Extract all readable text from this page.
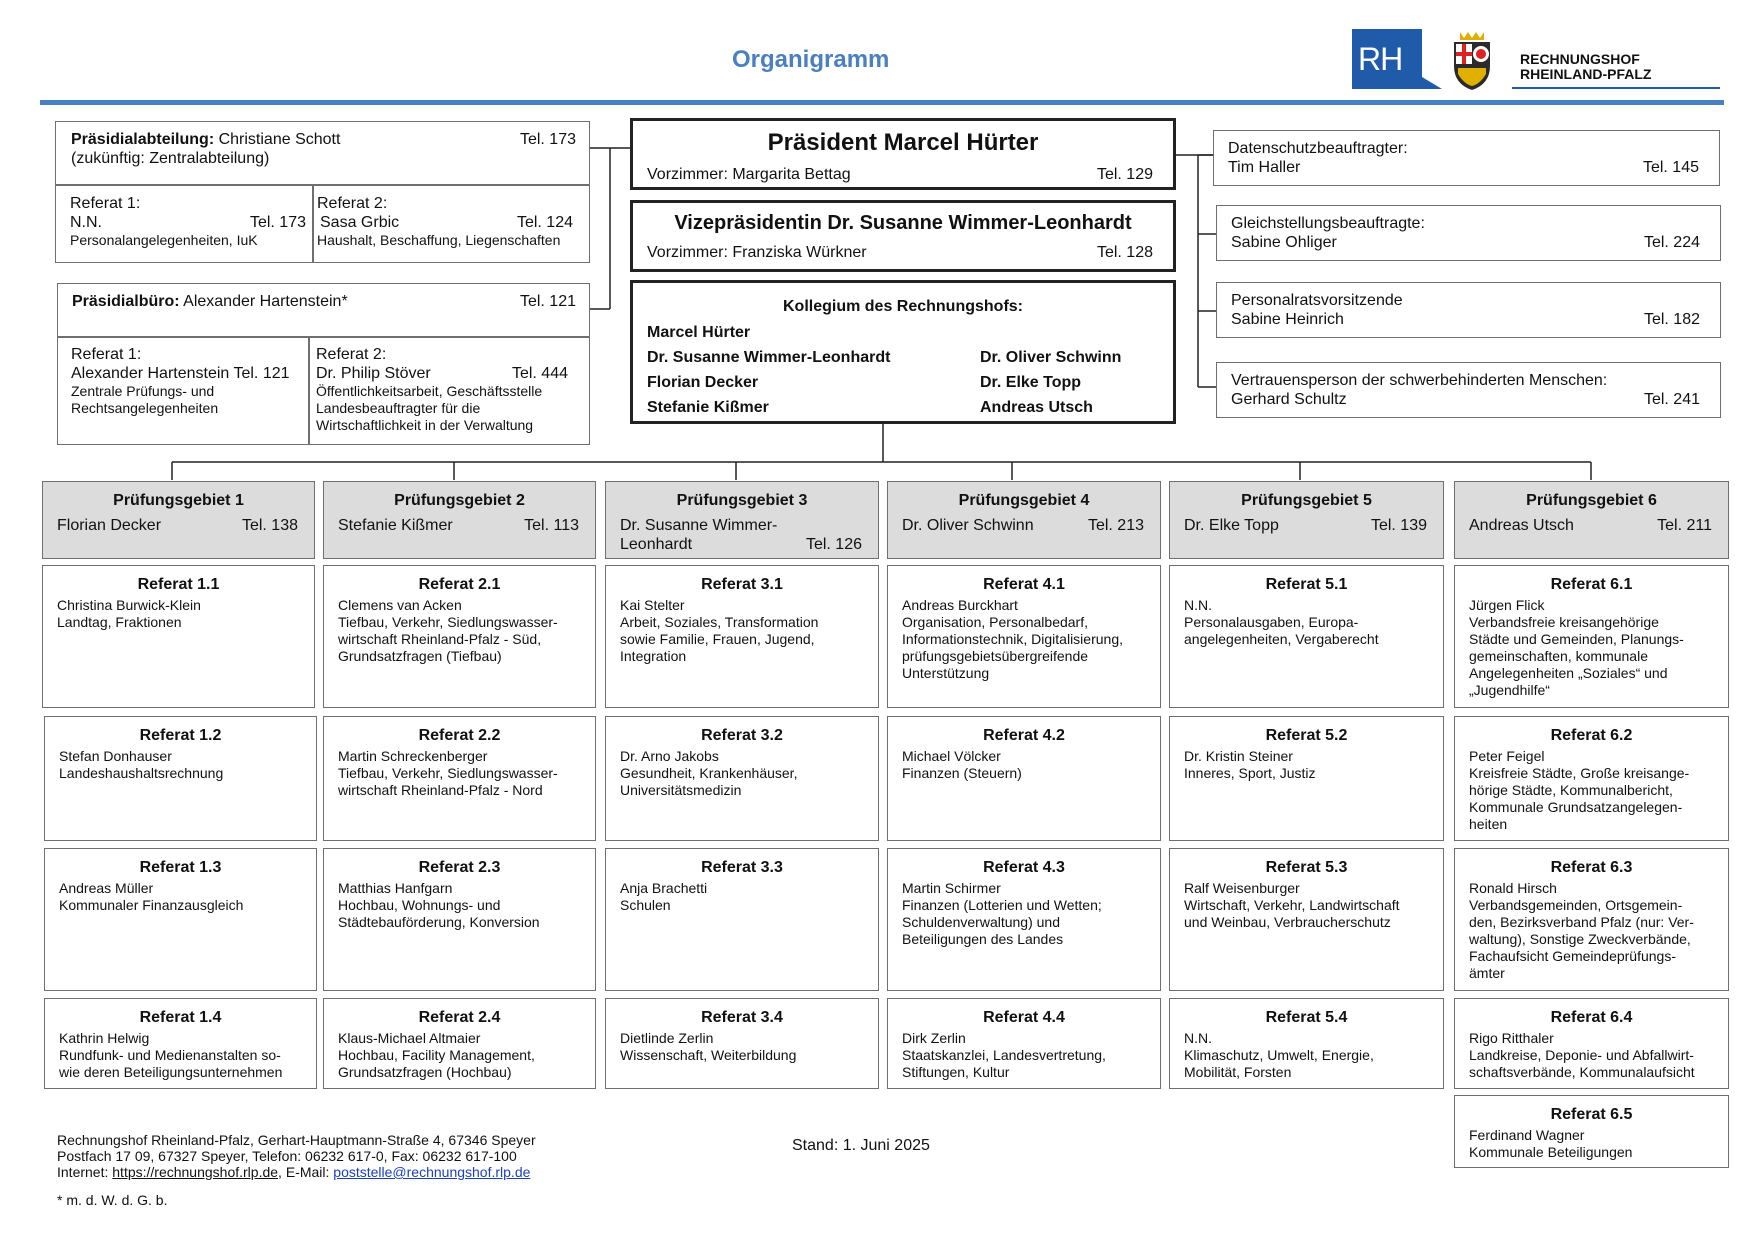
Organigramm	RH	RECHNUNGSHOF
RHEINLAND-PFALZ
Präsidialabteilung: Christiane Schott	Tel. 173
(zukünftig: Zentralabteilung)
Referat 1:
N.N.	Tel. 173
Personalangelegenheiten, IuK
Referat 2:
Sasa Grbic	Tel. 124
Haushalt, Beschaffung, Liegenschaften
Präsidialbüro: Alexander Hartenstein*	Tel. 121
Referat 1:
Alexander Hartenstein Tel. 121
Zentrale Prüfungs- und
Rechtsangelegenheiten
Referat 2:
Dr. Philip Stöver	Tel. 444
Öffentlichkeitsarbeit, Geschäftsstelle
Landesbeauftragter für die
Wirtschaftlichkeit in der Verwaltung
Präsident Marcel Hürter
Vorzimmer: Margarita Bettag	Tel. 129
Vizepräsidentin Dr. Susanne Wimmer-Leonhardt
Vorzimmer: Franziska Würkner	Tel. 128
Kollegium des Rechnungshofs:
Marcel Hürter
Dr. Susanne Wimmer-Leonhardt
Florian Decker
Stefanie Kißmer
Dr. Oliver Schwinn
Dr. Elke Topp
Andreas Utsch
Datenschutzbeauftragter:
Tim Haller	Tel. 145
Gleichstellungsbeauftragte:
Sabine Ohliger	Tel. 224
Personalratsvorsitzende
Sabine Heinrich	Tel. 182
Vertrauensperson der schwerbehinderten Menschen:
Gerhard Schultz	Tel. 241
Prüfungsgebiet 1
Florian Decker	Tel. 138
Prüfungsgebiet 2
Stefanie Kißmer	Tel. 113
Prüfungsgebiet 3
Dr. Susanne Wimmer-
Leonhardt	Tel. 126
Prüfungsgebiet 4
Dr. Oliver Schwinn	Tel. 213
Prüfungsgebiet 5
Dr. Elke Topp	Tel. 139
Prüfungsgebiet 6
Andreas Utsch	Tel. 211
Referat 1.1
Christina Burwick-Klein
Landtag, Fraktionen
Referat 1.2
Stefan Donhauser
Landeshaushaltsrechnung
Referat 1.3
Andreas Müller
Kommunaler Finanzausgleich
Referat 1.4
Kathrin Helwig
Rundfunk- und Medienanstalten so-
wie deren Beteiligungsunternehmen
Referat 2.1
Clemens van Acken
Tiefbau, Verkehr, Siedlungswasser-
wirtschaft Rheinland-Pfalz - Süd,
Grundsatzfragen (Tiefbau)
Referat 2.2
Martin Schreckenberger
Tiefbau, Verkehr, Siedlungswasser-
wirtschaft Rheinland-Pfalz - Nord
Referat 2.3
Matthias Hanfgarn
Hochbau, Wohnungs- und
Städtebauförderung, Konversion
Referat 2.4
Klaus-Michael Altmaier
Hochbau, Facility Management,
Grundsatzfragen (Hochbau)
Referat 3.1
Kai Stelter
Arbeit, Soziales, Transformation
sowie Familie, Frauen, Jugend,
Integration
Referat 3.2
Dr. Arno Jakobs
Gesundheit, Krankenhäuser,
Universitätsmedizin
Referat 3.3
Anja Brachetti
Schulen
Referat 3.4
Dietlinde Zerlin
Wissenschaft, Weiterbildung
Referat 4.1
Andreas Burckhart
Organisation, Personalbedarf,
Informationstechnik, Digitalisierung,
prüfungsgebietsübergreifende
Unterstützung
Referat 4.2
Michael Völcker
Finanzen (Steuern)
Referat 4.3
Martin Schirmer
Finanzen (Lotterien und Wetten;
Schuldenverwaltung) und
Beteiligungen des Landes
Referat 4.4
Dirk Zerlin
Staatskanzlei, Landesvertretung,
Stiftungen, Kultur
Referat 5.1
N.N.
Personalausgaben, Europa-
angelegenheiten, Vergaberecht
Referat 5.2
Dr. Kristin Steiner
Inneres, Sport, Justiz
Referat 5.3
Ralf Weisenburger
Wirtschaft, Verkehr, Landwirtschaft
und Weinbau, Verbraucherschutz
Referat 5.4
N.N.
Klimaschutz, Umwelt, Energie,
Mobilität, Forsten
Referat 6.1
Jürgen Flick
Verbandsfreie kreisangehörige
Städte und Gemeinden, Planungs-
gemeinschaften, kommunale
Angelegenheiten „Soziales“ und
„Jugendhilfe“
Referat 6.2
Peter Feigel
Kreisfreie Städte, Große kreisange-
hörige Städte, Kommunalbericht,
Kommunale Grundsatzangelegen-
heiten
Referat 6.3
Ronald Hirsch
Verbandsgemeinden, Ortsgemein-
den, Bezirksverband Pfalz (nur: Ver-
waltung), Sonstige Zweckverbände,
Fachaufsicht Gemeindeprüfungs-
ämter
Referat 6.4
Rigo Ritthaler
Landkreise, Deponie- und Abfallwirt-
schaftsverbände, Kommunalaufsicht
Referat 6.5
Ferdinand Wagner
Kommunale Beteiligungen
Rechnungshof Rheinland-Pfalz, Gerhart-Hauptmann-Straße 4, 67346 Speyer
Postfach 17 09, 67327 Speyer, Telefon: 06232 617-0, Fax: 06232 617-100
Internet: https://rechnungshof.rlp.de, E-Mail: poststelle@rechnungshof.rlp.de
Stand: 1. Juni 2025
* m. d. W. d. G. b.
